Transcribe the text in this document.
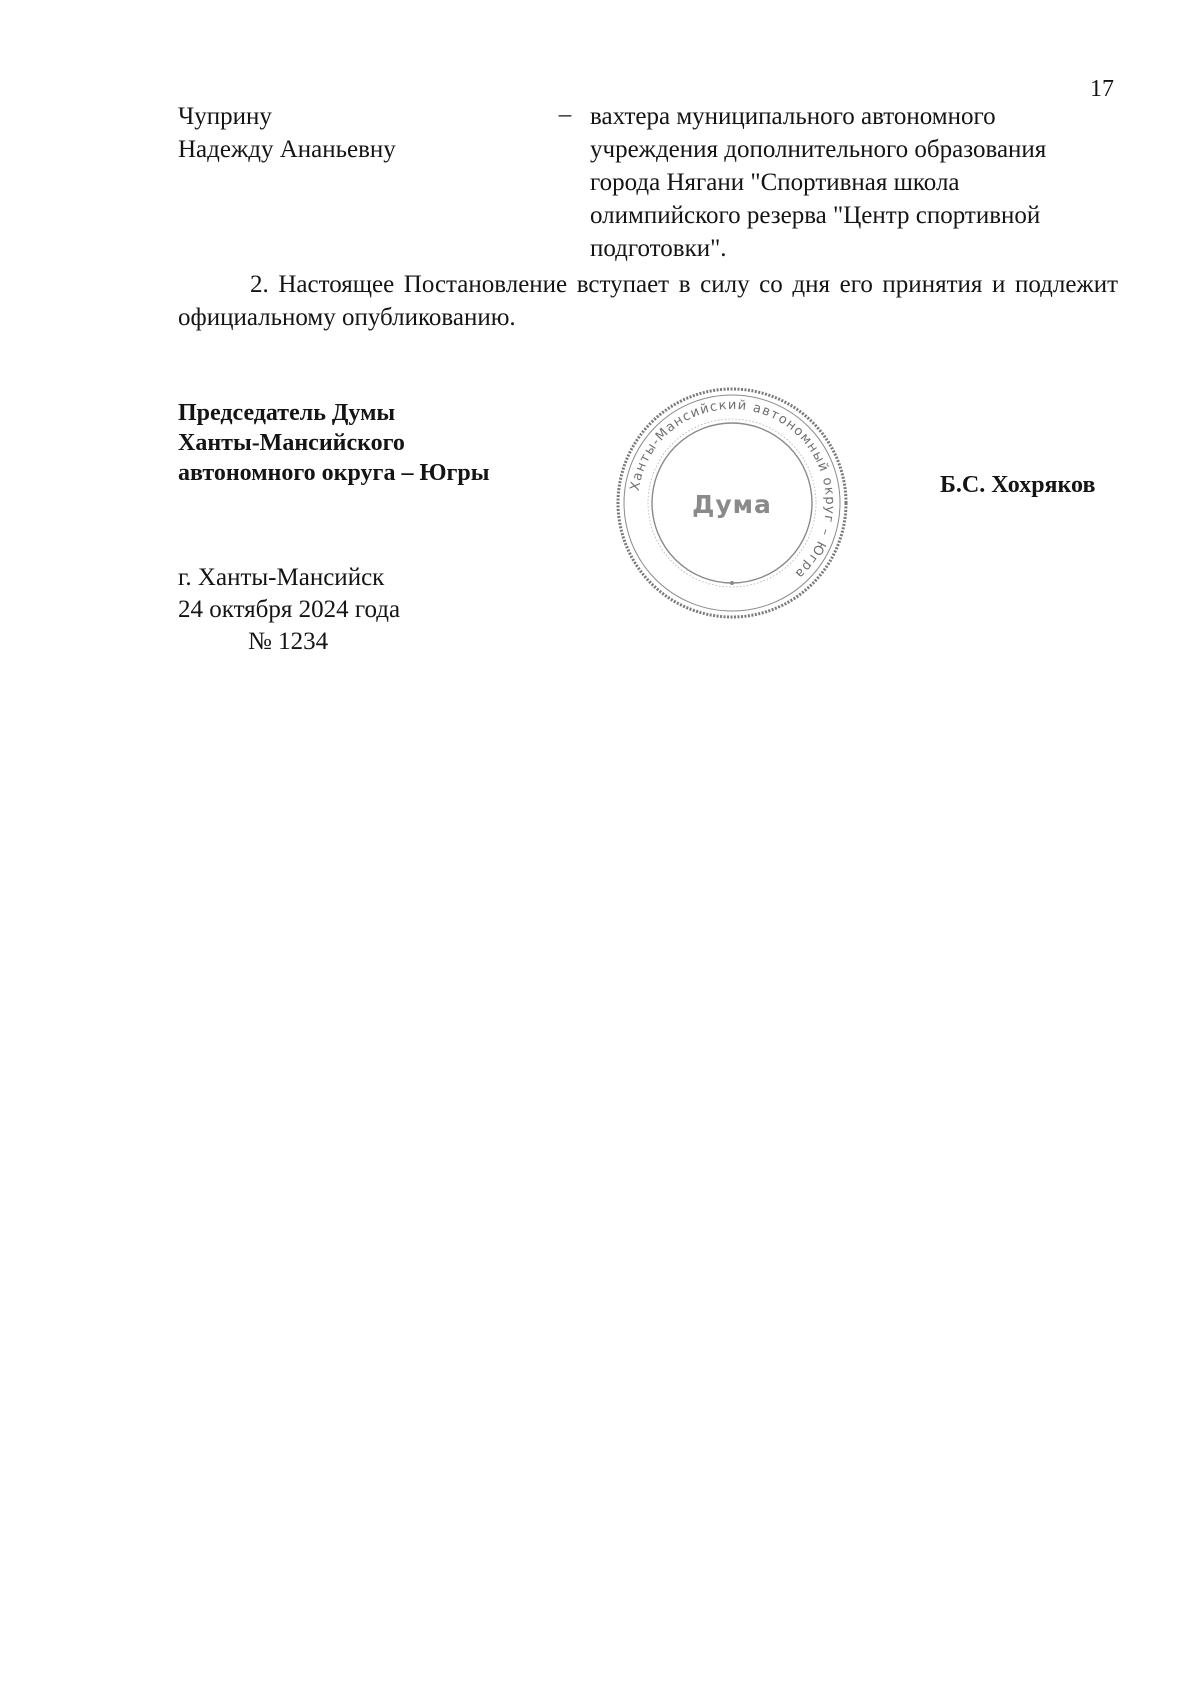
17
Чуприну
Надежду Ананьевну
– вахтера муниципального автономного
учреждения дополнительного образования
города Нягани "Спортивная школа
олимпийского резерва "Центр спортивной
подготовки".
2. Настоящее Постановление вступает в силу со дня его принятия и подлежит официальному опубликованию.
Председатель Думы
Ханты-Мансийского
автономного округа – Югры	Ханты-Мансийский автономный округ – Югра
Дума
Б.С. Хохряков
г. Ханты-Мансийск
24 октября 2024 года
№ 1234
